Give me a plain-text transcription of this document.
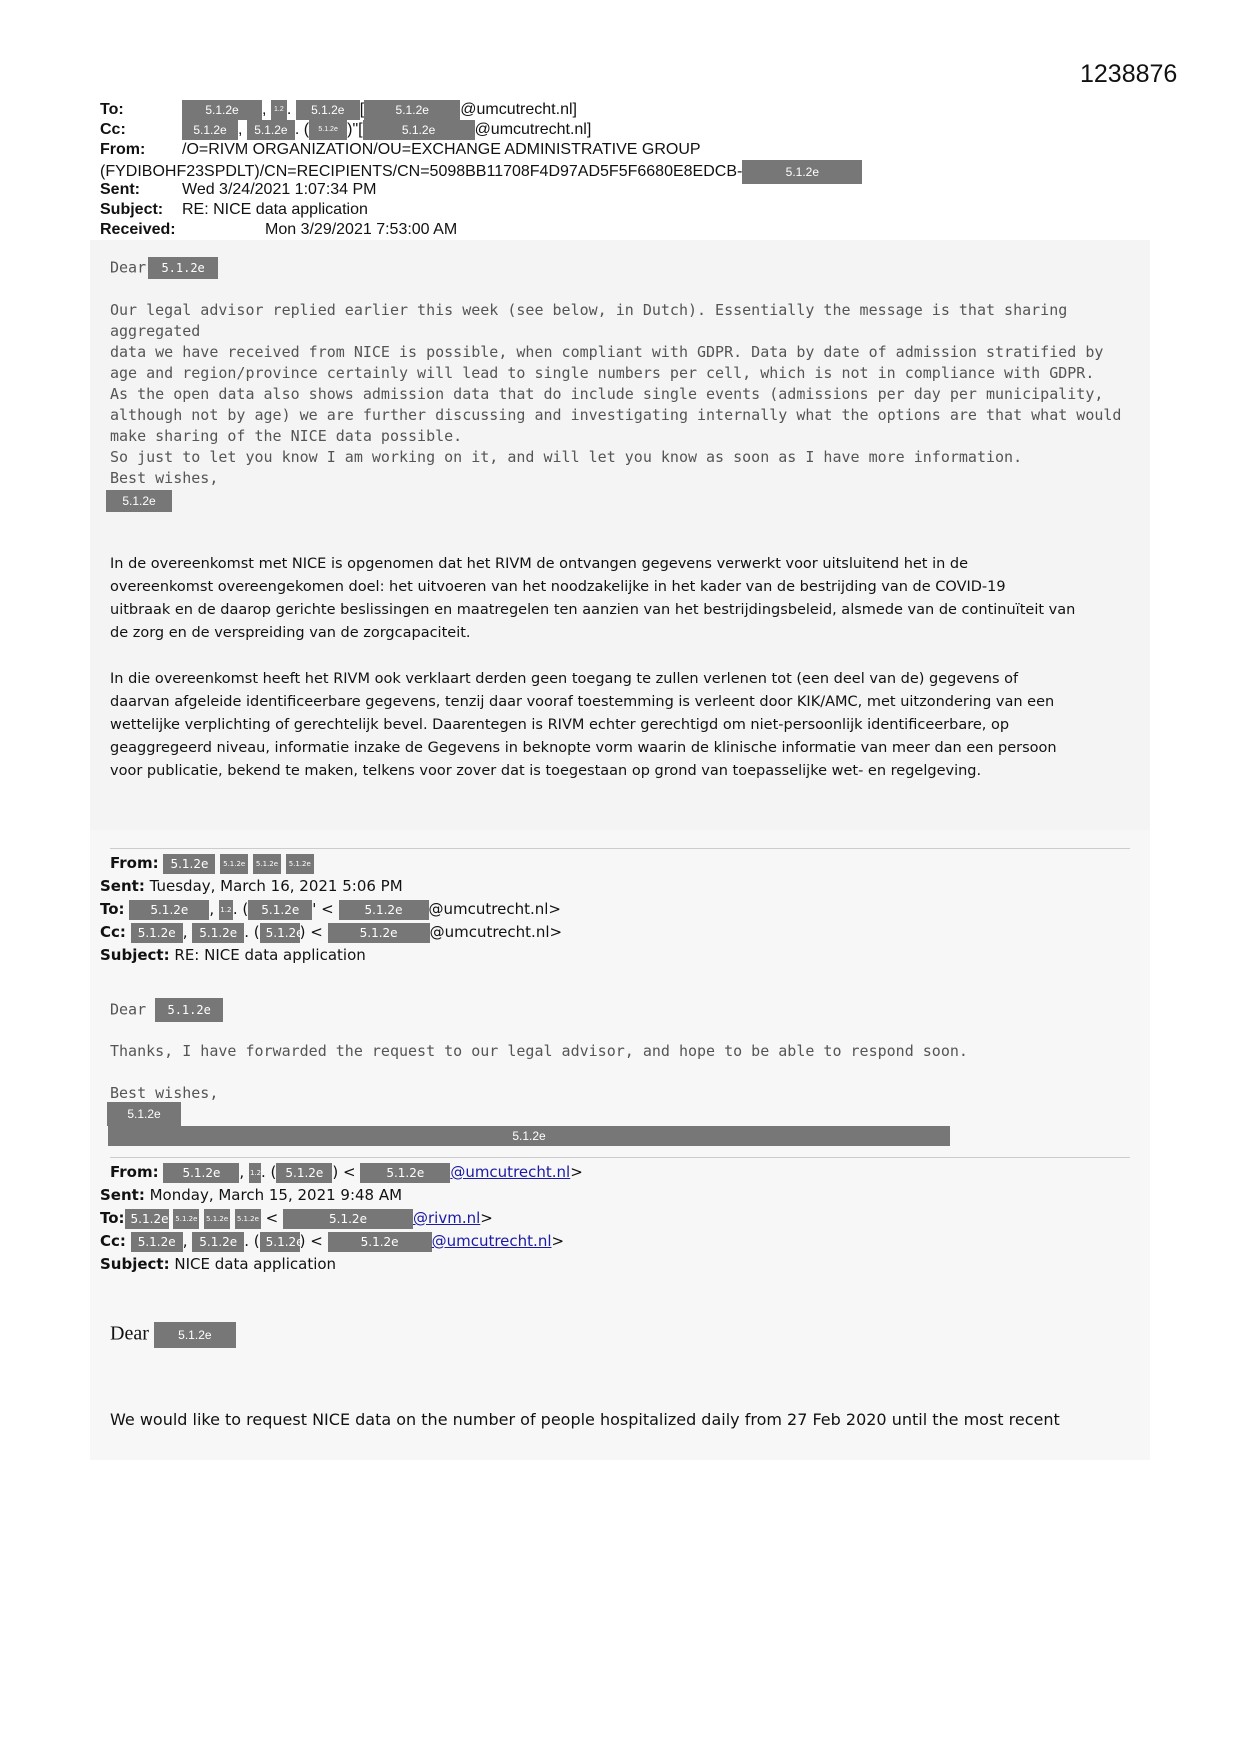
1238876
To:	5.1.2e , 1.2 . 5.1.2e [	5.1.2e @umcutrecht.nl]
Cc:	5.1.2e , 5.1.2e . ( 5.1.2e )"[	5.1.2e @umcutrecht.nl]
From: /O=RIVM ORGANIZATION/OU=EXCHANGE ADMINISTRATIVE GROUP
(FYDIBOHF23SPDLT)/CN=RECIPIENTS/CN=5098BB11708F4D97AD5F5F6680E8EDCB-	5.1.2e
Sent:	Wed 3/24/2021 1:07:34 PM
Subject: RE: NICE data application
Received:	Mon 3/29/2021 7:53:00 AM
Dear 5.1.2e
Our legal advisor replied earlier this week (see below, in Dutch). Essentially the message is that sharing aggregated
data we have received from NICE is possible, when compliant with GDPR. Data by date of admission stratified by
age and region/province certainly will lead to single numbers per cell, which is not in compliance with GDPR.
As the open data also shows admission data that do include single events (admissions per day per municipality,
although not by age) we are further discussing and investigating internally what the options are that what would
make sharing of the NICE data possible.
So just to let you know I am working on it, and will let you know as soon as I have more information.
Best wishes,
5.1.2e
In de overeenkomst met NICE is opgenomen dat het RIVM de ontvangen gegevens verwerkt voor uitsluitend het in de
overeenkomst overeengekomen doel: het uitvoeren van het noodzakelijke in het kader van de bestrijding van de COVID-19
uitbraak en de daarop gerichte beslissingen en maatregelen ten aanzien van het bestrijdingsbeleid, alsmede van de continuïteit van
de zorg en de verspreiding van de zorgcapaciteit.
In die overeenkomst heeft het RIVM ook verklaart derden geen toegang te zullen verlenen tot (een deel van de) gegevens of
daarvan afgeleide identificeerbare gegevens, tenzij daar vooraf toestemming is verleent door KIK/AMC, met uitzondering van een
wettelijke verplichting of gerechtelijk bevel. Daarentegen is RIVM echter gerechtigd om niet-persoonlijk identificeerbare, op
geaggregeerd niveau, informatie inzake de Gegevens in beknopte vorm waarin de klinische informatie van meer dan een persoon
voor publicatie, bekend te maken, telkens voor zover dat is toegestaan op grond van toepasselijke wet- en regelgeving.
From: 5.1.2e 5.1.2e 5.1.2e 5.1.2e
Sent: Tuesday, March 16, 2021 5:06 PM
To: 5.1.2e , 1.2. ( 5.1.2e ' < 5.1.2e @umcutrecht.nl>
Cc: 5.1.2e , 5.1.2e . ( 5.1.2e) <	5.1.2e @umcutrecht.nl>
Subject: RE: NICE data application
Dear 5.1.2e
Thanks, I have forwarded the request to our legal advisor, and hope to be able to respond soon.
Best wishes,
5.1.2e
5.1.2e
From: 5.1.2e , 1.2. ( 5.1.2e ) < 5.1.2e @umcutrecht.nl>
Sent: Monday, March 15, 2021 9:48 AM
To: 5.1.2e 5.1.2e 5.1.2e 5.1.2e <	5.1.2e	@rivm.nl>
Cc: 5.1.2e , 5.1.2e . ( 5.1.2e) <	5.1.2e @umcutrecht.nl>
Subject: NICE data application
Dear 5.1.2e
We would like to request NICE data on the number of people hospitalized daily from 27 Feb 2020 until the most recent
